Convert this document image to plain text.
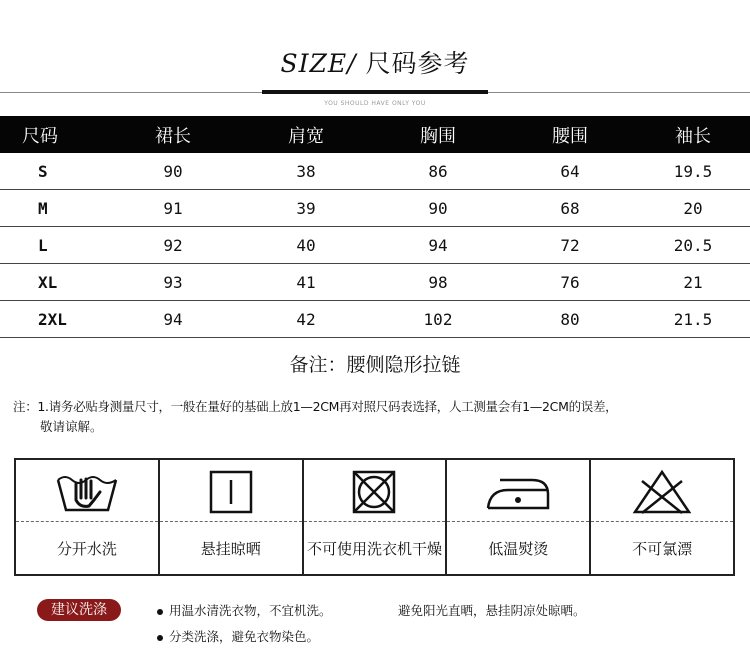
SIZE/ 尺码参考
YOU SHOULD HAVE ONLY YOU
尺码	裙长	肩宽	胸围	腰围	袖长
S	90	38	86	64	19.5
M	91	39	90	68	20
L	92	40	94	72	20.5
XL	93	41	98	76	21
2XL	94	42	102	80	21.5
备注：腰侧隐形拉链
注：1.请务必贴身测量尺寸，一般在量好的基础上放1—2CM再对照尺码表选择，人工测量会有1—2CM的误差，
敬请谅解。
分开水洗	悬挂晾晒	不可使用洗衣机干燥	低温熨烫	不可氯漂
建议洗涤	用温水清洗衣物，不宜机洗。	避免阳光直晒，悬挂阴凉处晾晒。
分类洗涤，避免衣物染色。
